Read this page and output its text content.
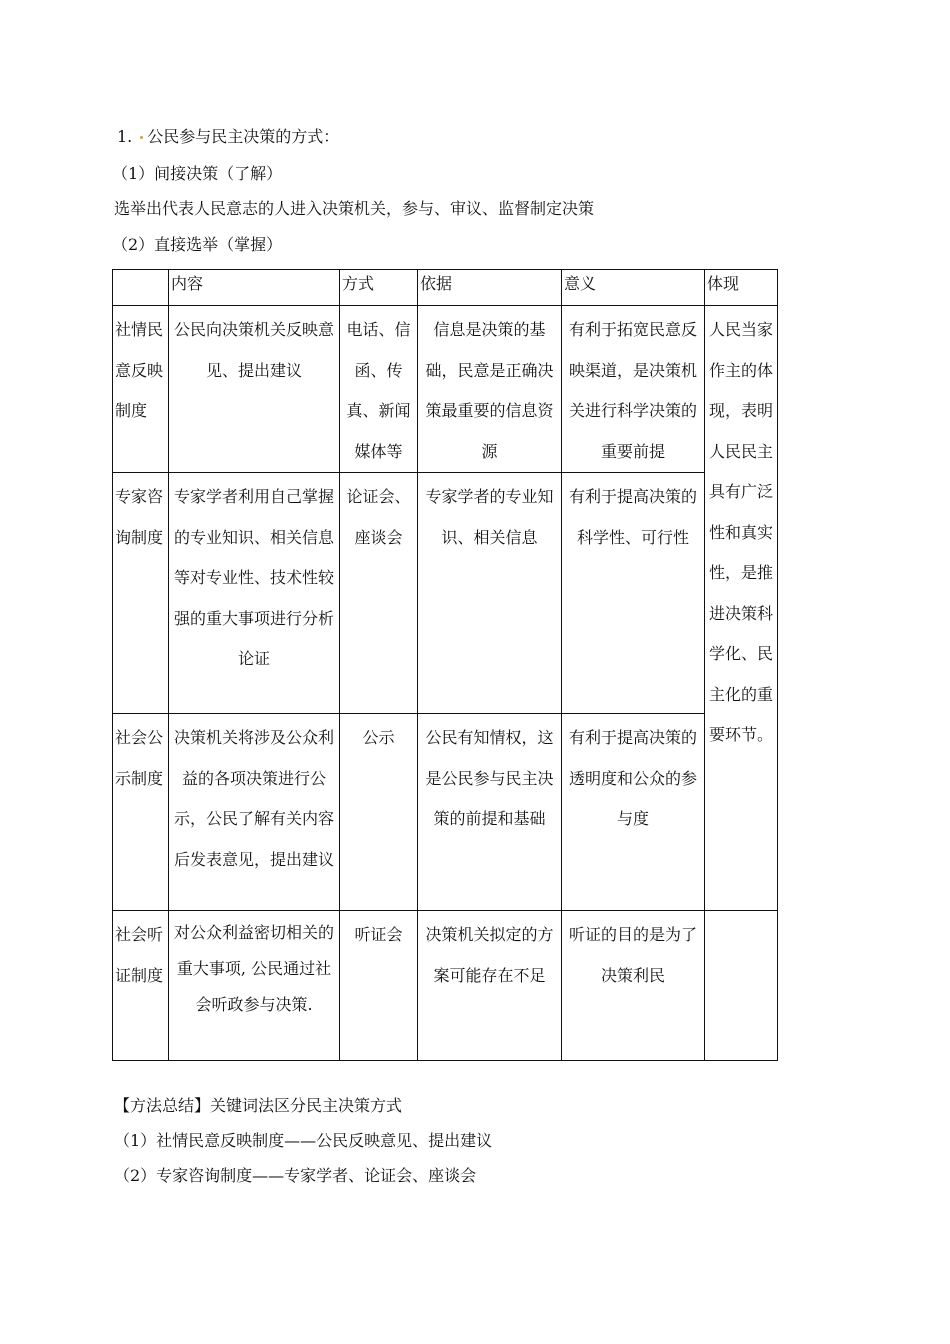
1. 公民参与民主决策的方式：
（1）间接决策（了解）
选举出代表人民意志的人进入决策机关，参与、审议、监督制定决策
（2）直接选举（掌握）
	内容	方式	依据	意义	体现
社情民意反映制度	公民向决策机关反映意见、提出建议	电话、信函、传真、新闻媒体等	信息是决策的基础，民意是正确决策最重要的信息资源	有利于拓宽民意反映渠道，是决策机关进行科学决策的重要前提	人民当家作主的体现，表明人民民主具有广泛性和真实性，是推进决策科学化、民主化的重要环节。
专家咨询制度	专家学者利用自己掌握的专业知识、相关信息等对专业性、技术性较强的重大事项进行分析论证	论证会、座谈会	专家学者的专业知识、相关信息	有利于提高决策的科学性、可行性	
社会公示制度	决策机关将涉及公众利益的各项决策进行公示，公民了解有关内容后发表意见，提出建议	公示	公民有知情权，这是公民参与民主决策的前提和基础	有利于提高决策的透明度和公众的参与度	
社会听证制度	对公众利益密切相关的重大事项, 公民通过社会听政参与决策.	听证会	决策机关拟定的方案可能存在不足	听证的目的是为了决策利民	
【方法总结】关键词法区分民主决策方式
（1）社情民意反映制度——公民反映意见、提出建议
（2）专家咨询制度——专家学者、论证会、座谈会
